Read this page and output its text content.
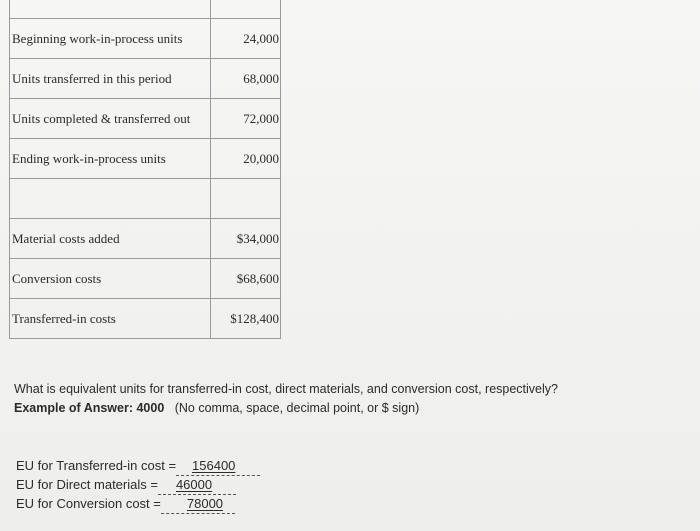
Beginning work-in-process units	24,000
Units transferred in this period	68,000
Units completed & transferred out	72,000
Ending work-in-process units	20,000

Material costs added	$34,000
Conversion costs	$68,600
Transferred-in costs	$128,400
What is equivalent units for transferred-in cost, direct materials, and conversion cost, respectively?
Example of Answer: 4000 (No comma, space, decimal point, or $ sign)
EU for Transferred-in cost =	156400
EU for Direct materials =	46000
EU for Conversion cost =	78000
